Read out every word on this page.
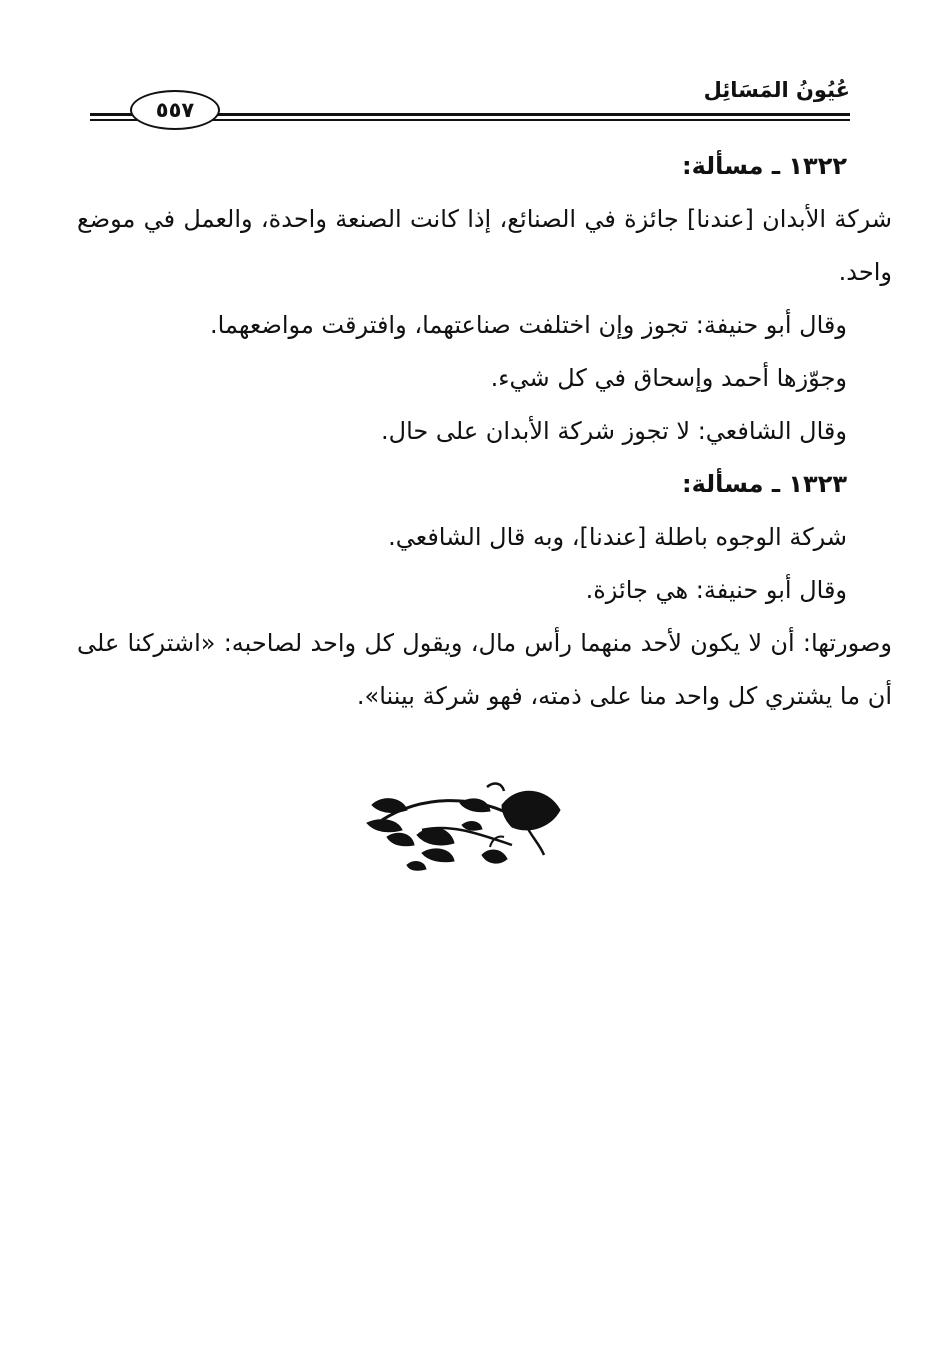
عُيُونُ المَسَائِل
٥٥٧

١٣٢٢ ـ مسألة:

شركة الأبدان [عندنا] جائزة في الصنائع، إذا كانت الصنعة واحدة، والعمل في موضع واحد.

وقال أبو حنيفة: تجوز وإن اختلفت صناعتهما، وافترقت مواضعهما.

وجوّزها أحمد وإسحاق في كل شيء.

وقال الشافعي: لا تجوز شركة الأبدان على حال.

١٣٢٣ ـ مسألة:

شركة الوجوه باطلة [عندنا]، وبه قال الشافعي.

وقال أبو حنيفة: هي جائزة.

وصورتها: أن لا يكون لأحد منهما رأس مال، ويقول كل واحد لصاحبه: «اشتركنا على أن ما يشتري كل واحد منا على ذمته، فهو شركة بيننا».
